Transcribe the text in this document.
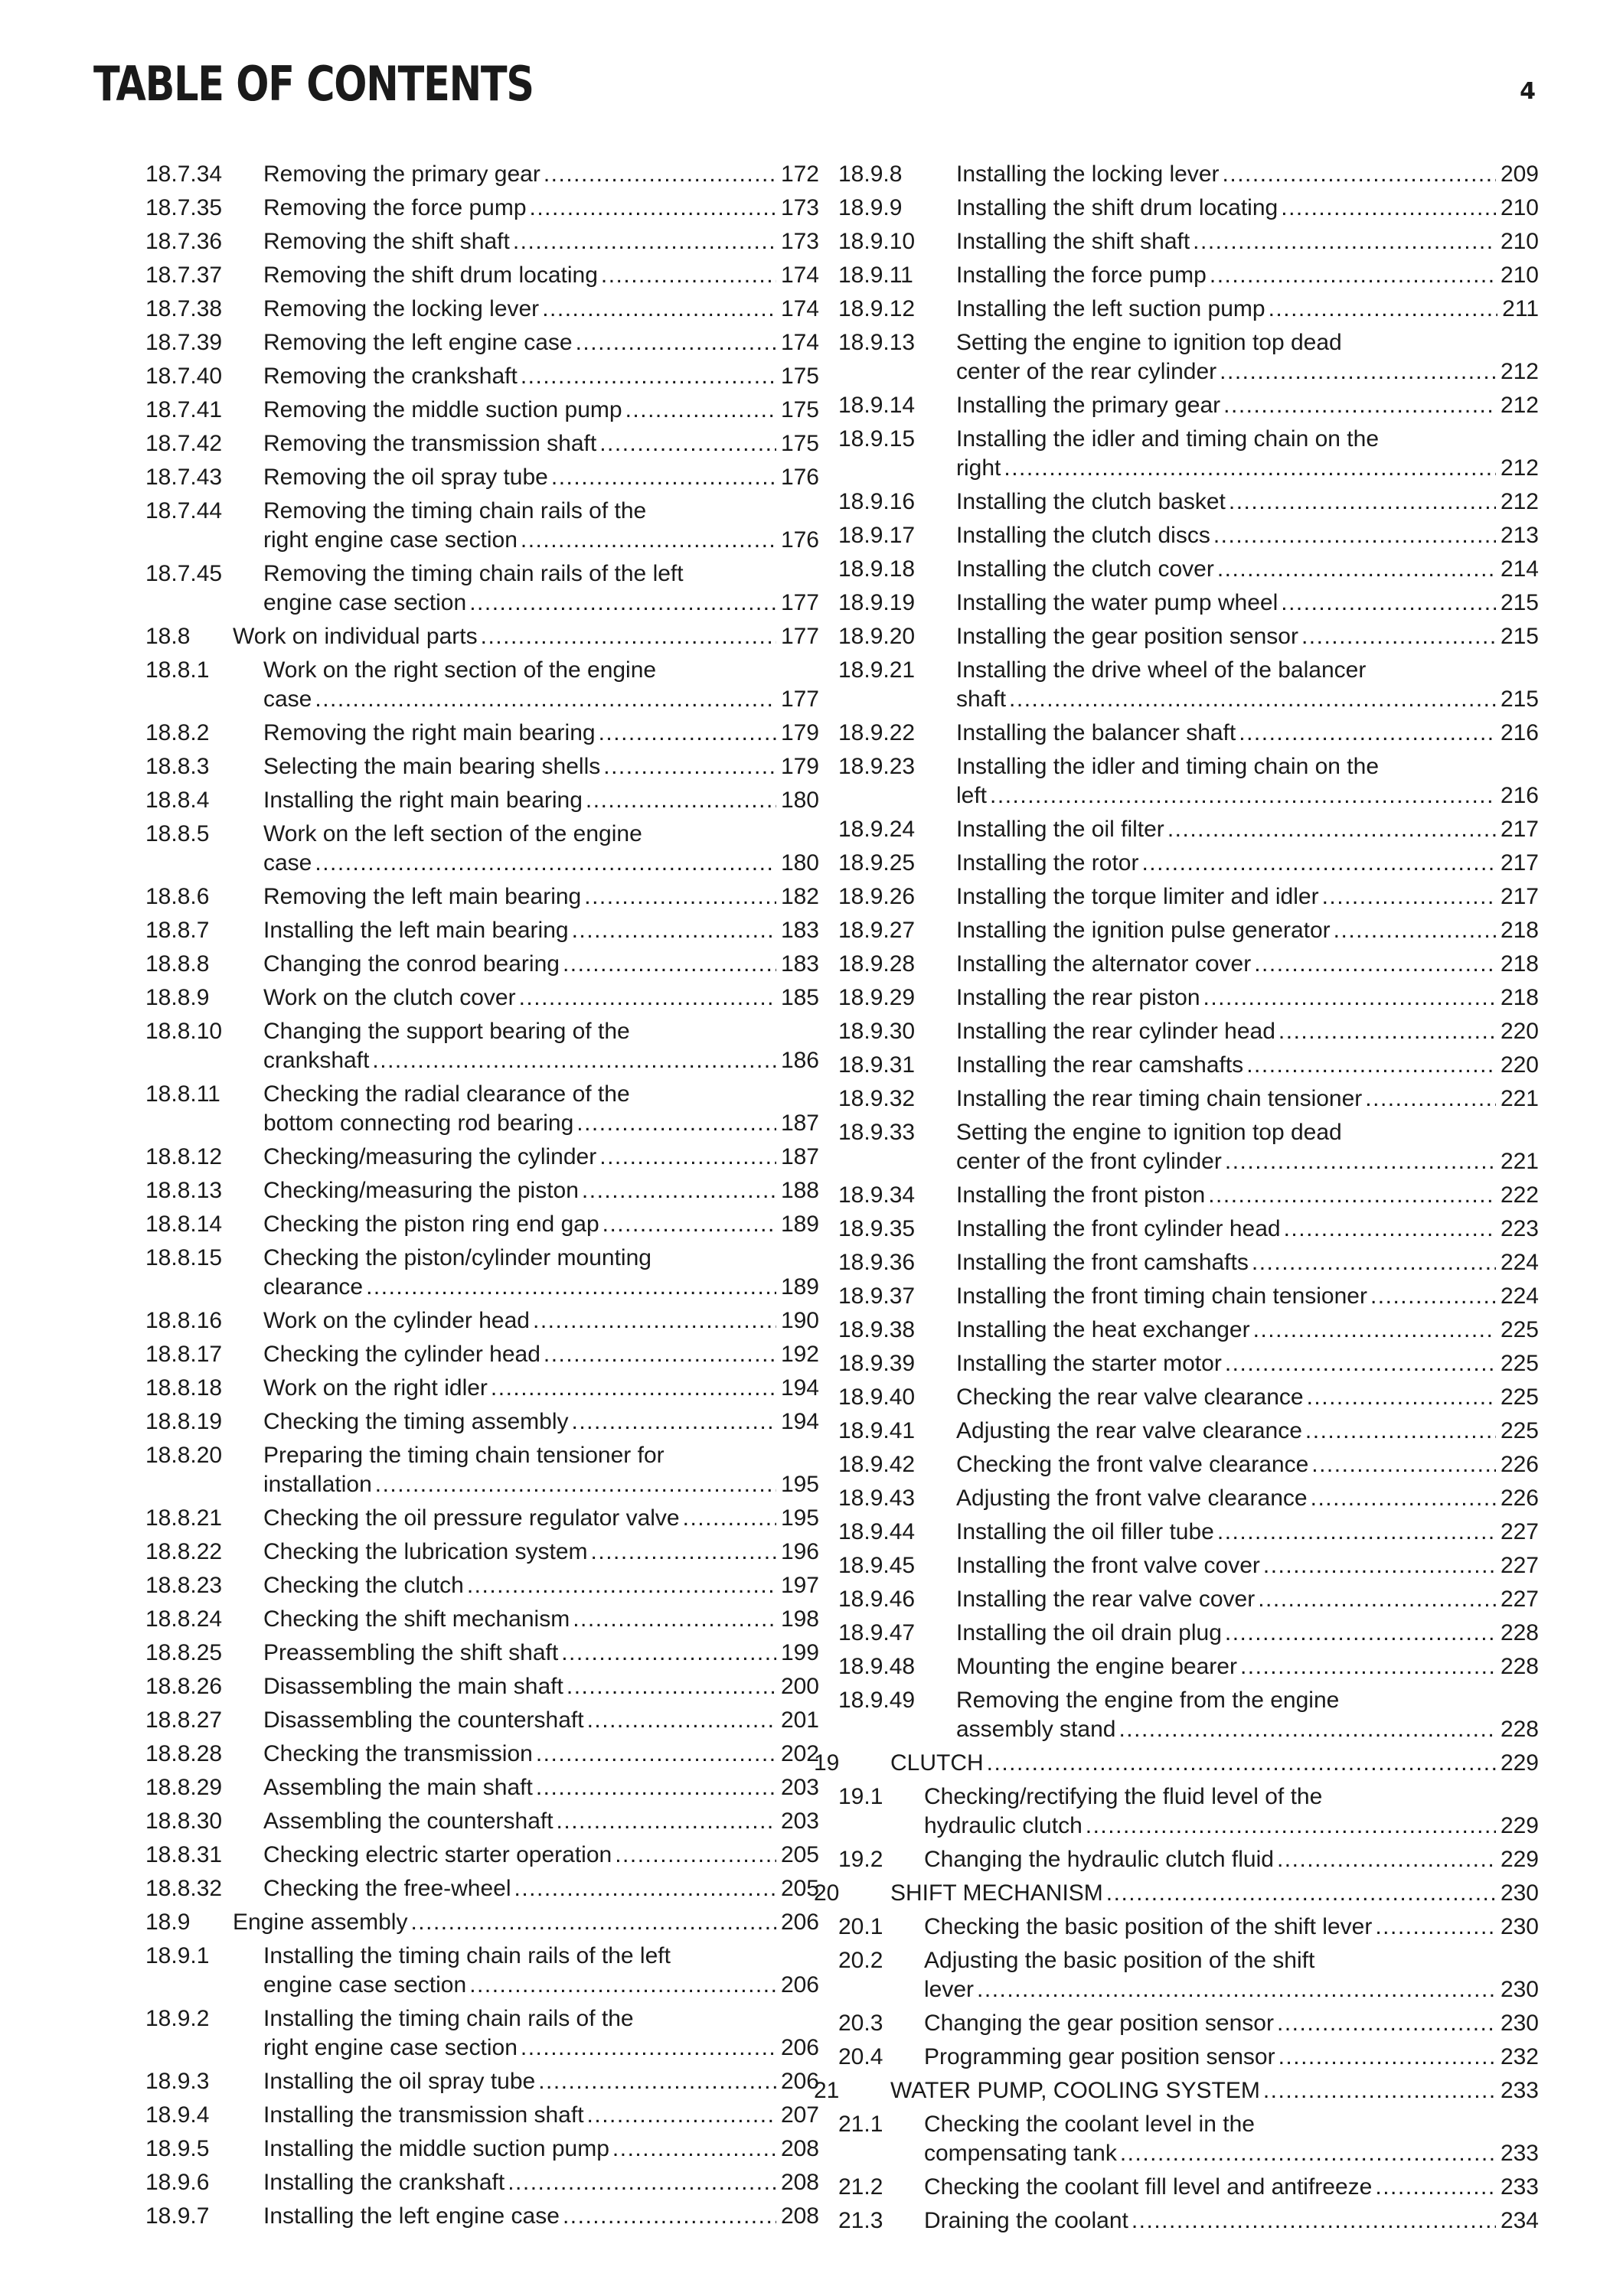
TABLE OF CONTENTS	4
18.7.34 Removing the primary gear .....	172
18.7.35 Removing the force pump .....	173
18.7.36 Removing the shift shaft .....	173
18.7.37 Removing the shift drum locating .....	174
18.7.38 Removing the locking lever .....	174
18.7.39 Removing the left engine case .....	174
18.7.40 Removing the crankshaft .....	175
18.7.41 Removing the middle suction pump .....	175
18.7.42 Removing the transmission shaft .....	175
18.7.43 Removing the oil spray tube .....	176
18.7.44 Removing the timing chain rails of the
right engine case section .....	176
18.7.45 Removing the timing chain rails of the left
engine case section .....	177
18.8 Work on individual parts .....	177
18.8.1 Work on the right section of the engine
case .....	177
18.8.2 Removing the right main bearing .....	179
18.8.3 Selecting the main bearing shells .....	179
18.8.4 Installing the right main bearing .....	180
18.8.5 Work on the left section of the engine
case .....	180
18.8.6 Removing the left main bearing .....	182
18.8.7 Installing the left main bearing .....	183
18.8.8 Changing the conrod bearing .....	183
18.8.9 Work on the clutch cover .....	185
18.8.10 Changing the support bearing of the
crankshaft .....	186
18.8.11 Checking the radial clearance of the
bottom connecting rod bearing .....	187
18.8.12 Checking/measuring the cylinder .....	187
18.8.13 Checking/measuring the piston .....	188
18.8.14 Checking the piston ring end gap .....	189
18.8.15 Checking the piston/cylinder mounting
clearance .....	189
18.8.16 Work on the cylinder head .....	190
18.8.17 Checking the cylinder head .....	192
18.8.18 Work on the right idler .....	194
18.8.19 Checking the timing assembly .....	194
18.8.20 Preparing the timing chain tensioner for
installation .....	195
18.8.21 Checking the oil pressure regulator valve .....	195
18.8.22 Checking the lubrication system .....	196
18.8.23 Checking the clutch .....	197
18.8.24 Checking the shift mechanism .....	198
18.8.25 Preassembling the shift shaft .....	199
18.8.26 Disassembling the main shaft .....	200
18.8.27 Disassembling the countershaft .....	201
18.8.28 Checking the transmission .....	202
18.8.29 Assembling the main shaft .....	203
18.8.30 Assembling the countershaft .....	203
18.8.31 Checking electric starter operation .....	205
18.8.32 Checking the free-wheel .....	205
18.9 Engine assembly .....	206
18.9.1 Installing the timing chain rails of the left
engine case section .....	206
18.9.2 Installing the timing chain rails of the
right engine case section .....	206
18.9.3 Installing the oil spray tube .....	206
18.9.4 Installing the transmission shaft .....	207
18.9.5 Installing the middle suction pump .....	208
18.9.6 Installing the crankshaft .....	208
18.9.7 Installing the left engine case .....	208
18.9.8 Installing the locking lever .....	209
18.9.9 Installing the shift drum locating .....	210
18.9.10 Installing the shift shaft .....	210
18.9.11 Installing the force pump .....	210
18.9.12 Installing the left suction pump .....	211
18.9.13 Setting the engine to ignition top dead
center of the rear cylinder .....	212
18.9.14 Installing the primary gear .....	212
18.9.15 Installing the idler and timing chain on the
right .....	212
18.9.16 Installing the clutch basket .....	212
18.9.17 Installing the clutch discs .....	213
18.9.18 Installing the clutch cover .....	214
18.9.19 Installing the water pump wheel .....	215
18.9.20 Installing the gear position sensor .....	215
18.9.21 Installing the drive wheel of the balancer
shaft .....	215
18.9.22 Installing the balancer shaft .....	216
18.9.23 Installing the idler and timing chain on the
left .....	216
18.9.24 Installing the oil filter .....	217
18.9.25 Installing the rotor .....	217
18.9.26 Installing the torque limiter and idler .....	217
18.9.27 Installing the ignition pulse generator .....	218
18.9.28 Installing the alternator cover .....	218
18.9.29 Installing the rear piston .....	218
18.9.30 Installing the rear cylinder head .....	220
18.9.31 Installing the rear camshafts .....	220
18.9.32 Installing the rear timing chain tensioner .....	221
18.9.33 Setting the engine to ignition top dead
center of the front cylinder .....	221
18.9.34 Installing the front piston .....	222
18.9.35 Installing the front cylinder head .....	223
18.9.36 Installing the front camshafts .....	224
18.9.37 Installing the front timing chain tensioner .....	224
18.9.38 Installing the heat exchanger .....	225
18.9.39 Installing the starter motor .....	225
18.9.40 Checking the rear valve clearance .....	225
18.9.41 Adjusting the rear valve clearance .....	225
18.9.42 Checking the front valve clearance .....	226
18.9.43 Adjusting the front valve clearance .....	226
18.9.44 Installing the oil filler tube .....	227
18.9.45 Installing the front valve cover .....	227
18.9.46 Installing the rear valve cover .....	227
18.9.47 Installing the oil drain plug .....	228
18.9.48 Mounting the engine bearer .....	228
18.9.49 Removing the engine from the engine
assembly stand .....	228
19 CLUTCH .....	229
19.1 Checking/rectifying the fluid level of the
hydraulic clutch .....	229
19.2 Changing the hydraulic clutch fluid .....	229
20 SHIFT MECHANISM .....	230
20.1 Checking the basic position of the shift lever .....	230
20.2 Adjusting the basic position of the shift
lever .....	230
20.3 Changing the gear position sensor .....	230
20.4 Programming gear position sensor .....	232
21 WATER PUMP, COOLING SYSTEM .....	233
21.1 Checking the coolant level in the
compensating tank .....	233
21.2 Checking the coolant fill level and antifreeze .....	233
21.3 Draining the coolant .....	234
